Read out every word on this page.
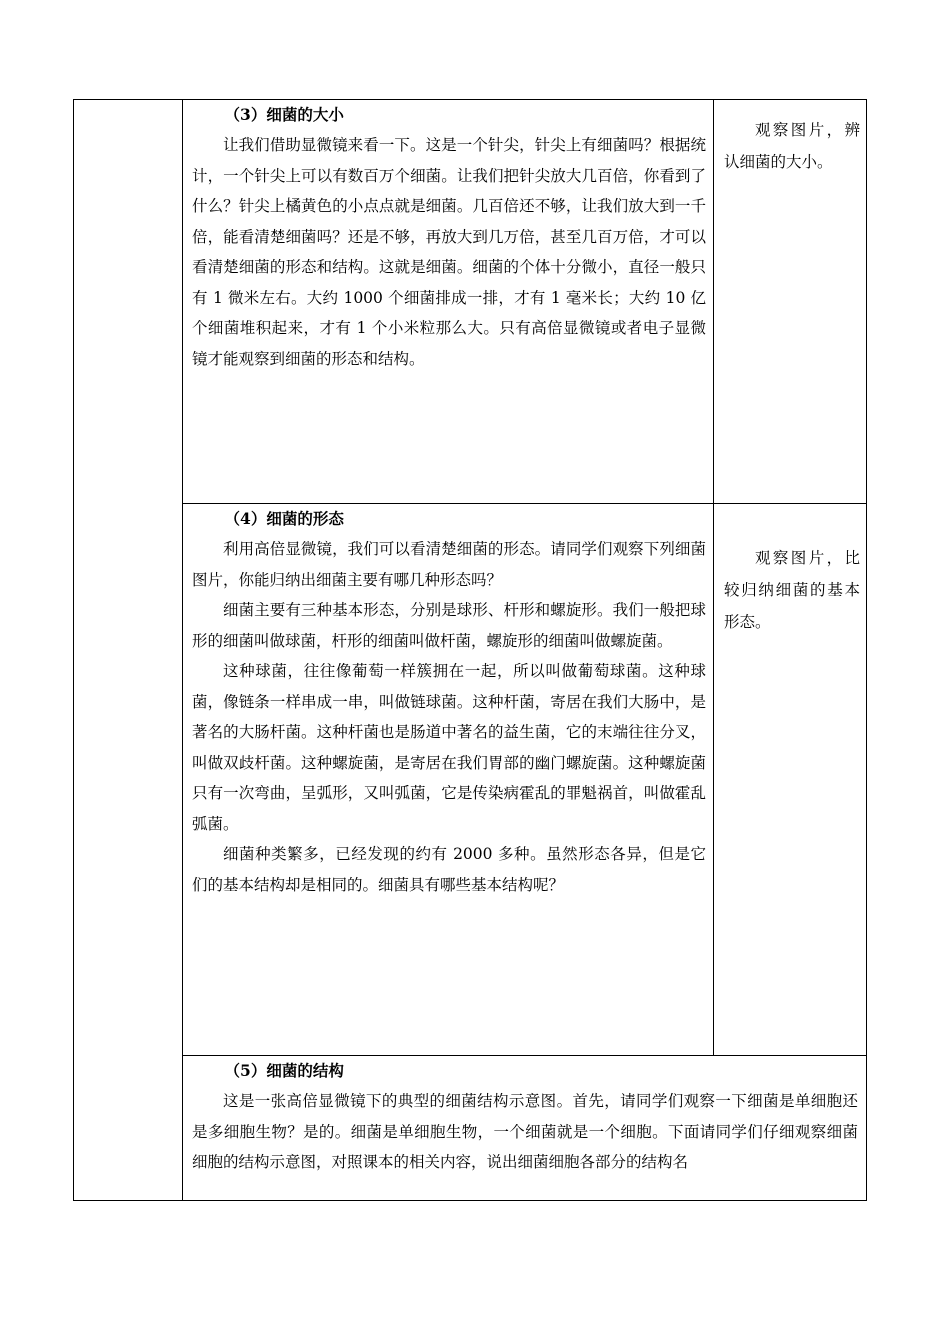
（3）细菌的大小

让我们借助显微镜来看一下。这是一个针尖，针尖上有细菌吗？根据统计，一个针尖上可以有数百万个细菌。让我们把针尖放大几百倍，你看到了什么？针尖上橘黄色的小点点就是细菌。几百倍还不够，让我们放大到一千倍，能看清楚细菌吗？还是不够，再放大到几万倍，甚至几百万倍，才可以看清楚细菌的形态和结构。这就是细菌。细菌的个体十分微小，直径一般只有 1 微米左右。大约 1000 个细菌排成一排，才有 1 毫米长；大约 10 亿个细菌堆积起来，才有 1 个小米粒那么大。只有高倍显微镜或者电子显微镜才能观察到细菌的形态和结构。

观察图片，辨认细菌的大小。

（4）细菌的形态

利用高倍显微镜，我们可以看清楚细菌的形态。请同学们观察下列细菌图片，你能归纳出细菌主要有哪几种形态吗？

细菌主要有三种基本形态，分别是球形、杆形和螺旋形。我们一般把球形的细菌叫做球菌，杆形的细菌叫做杆菌，螺旋形的细菌叫做螺旋菌。

这种球菌，往往像葡萄一样簇拥在一起，所以叫做葡萄球菌。这种球菌，像链条一样串成一串，叫做链球菌。这种杆菌，寄居在我们大肠中，是著名的大肠杆菌。这种杆菌也是肠道中著名的益生菌，它的末端往往分叉，叫做双歧杆菌。这种螺旋菌，是寄居在我们胃部的幽门螺旋菌。这种螺旋菌只有一次弯曲，呈弧形，又叫弧菌，它是传染病霍乱的罪魁祸首，叫做霍乱弧菌。

细菌种类繁多，已经发现的约有 2000 多种。虽然形态各异，但是它们的基本结构却是相同的。细菌具有哪些基本结构呢？

观察图片，比较归纳细菌的基本形态。

（5）细菌的结构

这是一张高倍显微镜下的典型的细菌结构示意图。首先，请同学们观察一下细菌是单细胞还是多细胞生物？是的。细菌是单细胞生物，一个细菌就是一个细胞。下面请同学们仔细观察细菌细胞的结构示意图，对照课本的相关内容，说出细菌细胞各部分的结构名
